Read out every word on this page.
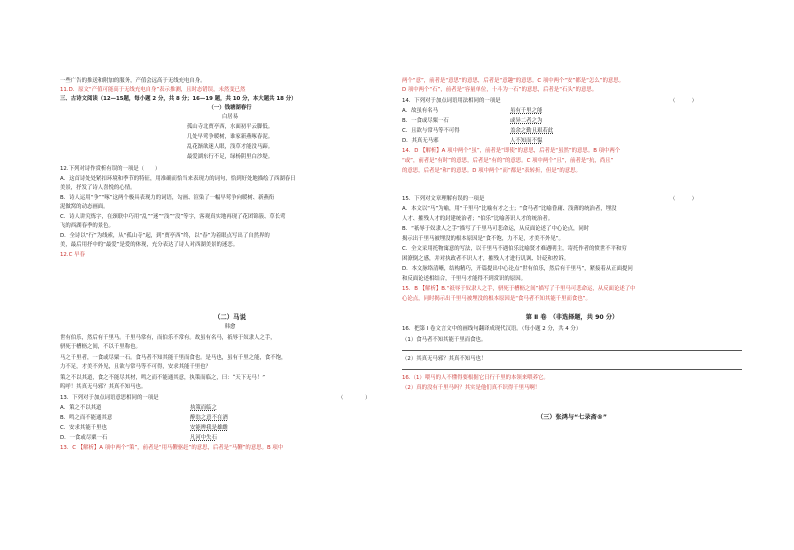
一些广告的推送和附加的服务，产值会远高于无线充电自身。
11.D．原文“产值可能高于无线充电自身”表示推测，且时态错误，未然变已然
三、古诗文阅读（12—15题，每小题 2 分，共 8 分；16—19 题，共 10 分，本大题共 18 分）
（一）钱塘湖春行
白居易
孤山寺北贾亭西，水面初平云脚低。
几处早莺争暖树，谁家新燕啄春泥。
乱花渐欲迷人眼，浅草才能没马蹄。
最爱湖东行不足，绿杨阴里白沙堤。
12.下列对诗作赏析有误的一项是（　　）
A．这首诗处处紧扣环境和季节的特征，用准确而恰当来表现力的词句，恰到好处地描绘了西湖春日
美景，抒发了诗人喜悦的心情。
B．诗人运用“争”“啄”这两个极具表现力的词语，勾画、渲染了一幅早莺争向暖树、新燕衔
泥做窝的动态画面。
C．诗人讲究炼字，在颈联中巧用“乱”“迷”“浅”“没”等字，客观真实地再现了花团锦簇、草长莺
飞的西湖春季的景色。
D．全诗以“行”为线索，从“孤山寺”起，到“贾亭西”终，以“春”为着眼点写出了自然界的
美，最后用抒中的“最爱”是爱的体现，充分表达了诗人对西湖美景的迷恋。
12.C 早春
（二）马说
韩愈
世有伯乐，然后有千里马。千里马常有，而伯乐不常有。故虽有名马，祇辱于奴隶人之手，
骈死于槽枥之间，不以千里称也。
马之千里者，一食或尽粟一石。食马者不知其能千里而食也。是马也，虽有千里之能，食不饱，
力不足，才美不外见，且欲与常马等不可得，安求其能千里也？
策之不以其道，食之不能尽其材，鸣之而不能通其意，执策而临之，曰：“天下无马！”
呜呼！其真无马邪？其真不知马也。
13．下列对于加点词语意思相同的一项是	（　　　　）
A．策之不以其道	执策而临之
B．鸣之而不能通其意	醉翁之意不在酒
C．安求其能千里也	安能辨我是雄雌
D．一食或尽粟一石	凡河中失石
13．C 【解析】A 项中两个“策”，前者是“用马鞭驱赶”的意思，后者是“马鞭”的意思。B 项中
两个“意”，前者是“意思”的意思，后者是“意趣”的意思。C 项中两个“安”都是“怎么”的意思。
D 项中两个“石”，前者是“容量单位，十斗为一石”的意思，后者是“石头”的意思。
14．下列对于加点词语用法相同的一项是	（　　　）
A．故虽有名马	虽有千里之能
B．一食或尽粟一石	或异二者之为
C．且欲与常马等不可得	盖余之勤且艰若此
D．其真无马邪	人不知而不愠
14．D 【解析】A 项中两个“虽”，前者是“即使”的意思，后者是“虽然”的意思。B 项中两个
“或”，前者是“有时”的意思，后者是“有的”的意思。C 项中两个“且”，前者是“抗，尚且”
的意思，后者是“和”的意思。D 项中两个“而”都是“表转折，但是”的意思。
15．下列对文章理解有误的一项是	（　　　）
A．本文以“马”为喻，用“千里马”比喻有才之士；“食马者”比喻昏庸、浅薄的统治者，埋没
人才、摧残人才的封建统治者；“伯乐”比喻善识人才的统治者。
B．“祇辱于奴隶人之手”描写了千里马可悲命运，从反面论述了中心论点，同时
揭示出千里马被埋没的根本原因是“食不饱，力不足，才美不外见”。
C．全文采用托物寓意的写法，以千里马不遇伯乐比喻贤才难遇明主，寄托作者的愤世不平和穷
困潦倒之感，并对执政者不识人才，摧残人才进行讥讽、针砭和控诉。
D．本文脉络清晰，结构精巧，开篇提出中心论点“世有伯乐，然后有千里马”，紧接着从正面提问
和反面论述相结合，千里马才能得不到赏识的原因。
15．B 【解析】B.“祇辱于奴隶人之手，骈死于槽枥之间”描写了千里马可悲命运，从反面论述了中
心论点，同时揭示出千里马被埋没的根本原因是“食马者不知其能千里而食也”。
第 Ⅱ 卷　（非选择题，共 90 分）
16．把第 Ⅰ 卷文言文中的画线句翻译成现代汉语。（每小题 2 分，共 4 分）
（1）食马者不知其能千里而食也。
（2）其真无马邪？其真不知马也！
16.（1）喂马的人不懂得要根据它日行千里的本领来喂养它。
（2）真的没有千里马吗？其实是他们真不识得千里马啊！
（三）张鸿与“七录斋®”
